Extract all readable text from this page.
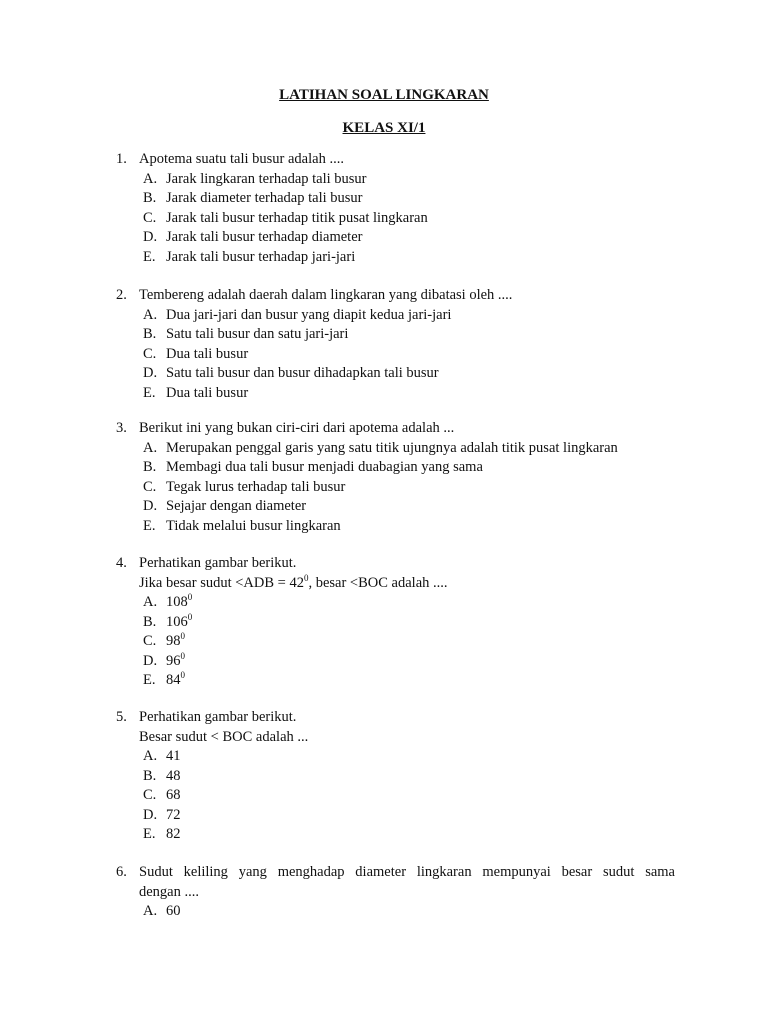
LATIHAN SOAL LINGKARAN
KELAS XI/1
1. Apotema suatu tali busur adalah ....
A. Jarak lingkaran terhadap tali busur
B. Jarak diameter terhadap tali busur
C. Jarak tali busur terhadap titik pusat lingkaran
D. Jarak tali busur terhadap diameter
E. Jarak tali busur terhadap jari-jari
2. Tembereng adalah daerah dalam lingkaran yang dibatasi oleh ....
A. Dua jari-jari dan busur yang diapit kedua jari-jari
B. Satu tali busur dan satu jari-jari
C. Dua tali busur
D. Satu tali busur dan busur dihadapkan tali busur
E. Dua tali busur
3. Berikut ini yang bukan ciri-ciri dari apotema adalah ...
A. Merupakan penggal garis yang satu titik ujungnya adalah titik pusat lingkaran
B. Membagi dua tali busur menjadi duabagian yang sama
C. Tegak lurus terhadap tali busur
D. Sejajar dengan diameter
E. Tidak melalui busur lingkaran
4. Perhatikan gambar berikut.
Jika besar sudut $<ADB = 42^0$, besar <BOC adalah ....
A. $108^0$
B. $106^0$
C. $98^0$
D. $96^0$
E. $84^0$
5. Perhatikan gambar berikut.
Besar sudut < BOC adalah ...
A. 41
B. 48
C. 68
D. 72
E. 82
6. Sudut keliling yang menghadap diameter lingkaran mempunyai besar sudut sama
dengan ....
A. 60
